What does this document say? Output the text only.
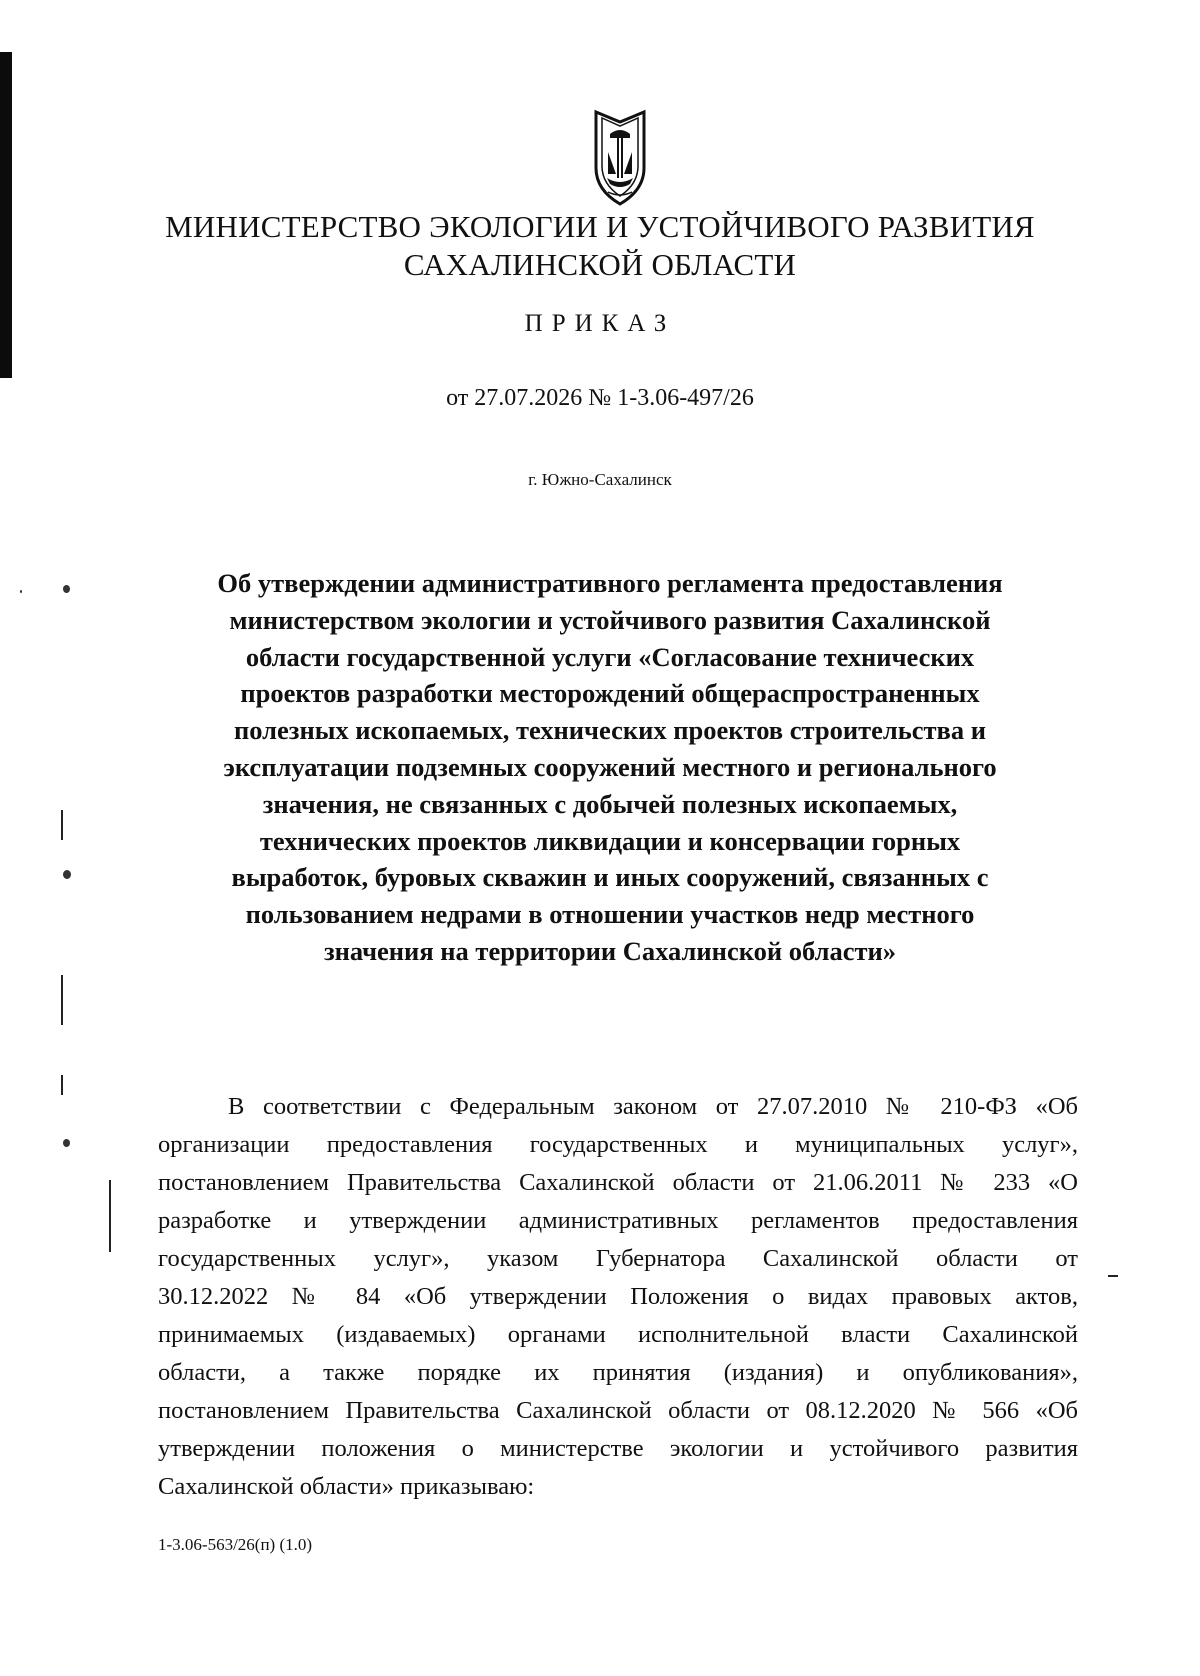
МИНИСТЕРСТВО ЭКОЛОГИИ И УСТОЙЧИВОГО РАЗВИТИЯ
САХАЛИНСКОЙ ОБЛАСТИ
ПРИКАЗ
от 27.07.2026 № 1-3.06-497/26
г. Южно-Сахалинск
Об утверждении административного регламента предоставления
министерством экологии и устойчивого развития Сахалинской
области государственной услуги «Согласование технических
проектов разработки месторождений общераспространенных
полезных ископаемых, технических проектов строительства и
эксплуатации подземных сооружений местного и регионального
значения, не связанных с добычей полезных ископаемых,
технических проектов ликвидации и консервации горных
выработок, буровых скважин и иных сооружений, связанных с
пользованием недрами в отношении участков недр местного
значения на территории Сахалинской области»
В соответствии с Федеральным законом от 27.07.2010 № 210-ФЗ «Об
организации предоставления государственных и муниципальных услуг»,
постановлением Правительства Сахалинской области от 21.06.2011 № 233 «О
разработке и утверждении административных регламентов предоставления
государственных услуг», указом Губернатора Сахалинской области от
30.12.2022 № 84 «Об утверждении Положения о видах правовых актов,
принимаемых (издаваемых) органами исполнительной власти Сахалинской
области, а также порядке их принятия (издания) и опубликования»,
постановлением Правительства Сахалинской области от 08.12.2020 № 566 «Об
утверждении положения о министерстве экологии и устойчивого развития
Сахалинской области» приказываю:
1-3.06-563/26(п) (1.0)
